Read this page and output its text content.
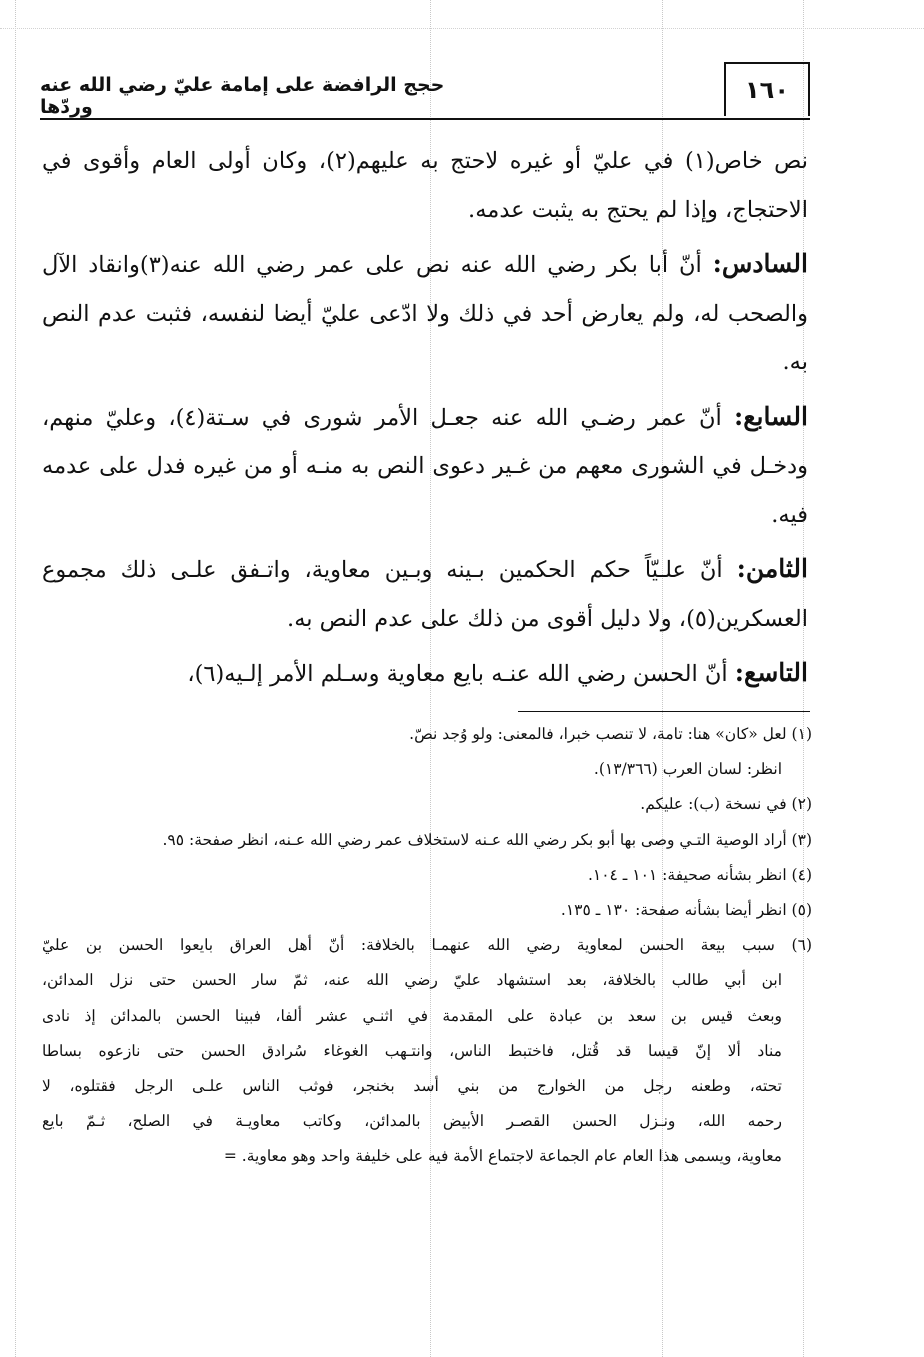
١٦٠
حجج الرافضة على إمامة عليّ رضي الله عنه وردّها

نص خاص(١) في عليّ أو غيره لاحتج به عليهم(٢)، وكان أولى العام وأقوى في الاحتجاج، وإذا لم يحتج به يثبت عدمه.

السادس: أنّ أبا بكر رضي الله عنه نص على عمر رضي الله عنه(٣)وانقاد الآل والصحب له، ولم يعارض أحد في ذلك ولا ادّعى عليّ أيضا لنفسه، فثبت عدم النص به.

السابع: أنّ عمر رضـي الله عنه جعـل الأمر شورى في سـتة(٤)، وعليّ منهم، ودخـل في الشورى معهم من غـير دعوى النص به منـه أو من غيره فدل على عدمه فيه.

الثامن: أنّ علـيّاً حكم الحكمين بـينه وبـين معاوية، واتـفق علـى ذلك مجموع العسكرين(٥)، ولا دليل أقوى من ذلك على عدم النص به.

التاسع: أنّ الحسن رضي الله عنـه بايع معاوية وسـلم الأمر إلـيه(٦)،

(١) لعل «كان» هنا: تامة، لا تنصب خبرا، فالمعنى: ولو وُجد نصّ.

انظر: لسان العرب (١٣/٣٦٦).

(٢) في نسخة (ب): عليكم.

(٣) أراد الوصية التـي وصى بها أبو بكر رضي الله عـنه لاستخلاف عمر رضي الله عـنه، انظر صفحة: ٩٥.

(٤) انظر بشأنه صحيفة: ١٠١ ـ ١٠٤.

(٥) انظر أيضا بشأنه صفحة: ١٣٠ ـ ١٣٥.

(٦) سبب بيعة الحسن لمعاوية رضي الله عنهمـا بالخلافة: أنّ أهل العراق بايعوا الحسن بن عليّ

ابن أبي طالب بالخلافة، بعد استشهاد عليّ رضي الله عنه، ثمّ سار الحسن حتى نزل المدائن،

وبعث قيس بن سعد بن عبادة على المقدمة في اثنـي عشر ألفا، فبينا الحسن بالمدائن إذ نادى

مناد ألا إنّ قيسا قد قُتل، فاختبط الناس، وانتـهب الغوغاء سُرادق الحسن حتى نازعوه بساطا

تحته، وطعنه رجل من الخوارج من بني أسد بخنجر، فوثب الناس علـى الرجل فقتلوه، لا

رحمه الله، ونـزل الحسن القصـر الأبيض بالمدائن، وكاتب معاويـة في الصلح، ثـمّ بايع

معاوية، ويسمى هذا العام عام الجماعة لاجتماع الأمة فيه على خليفة واحد وهو معاوية. =
